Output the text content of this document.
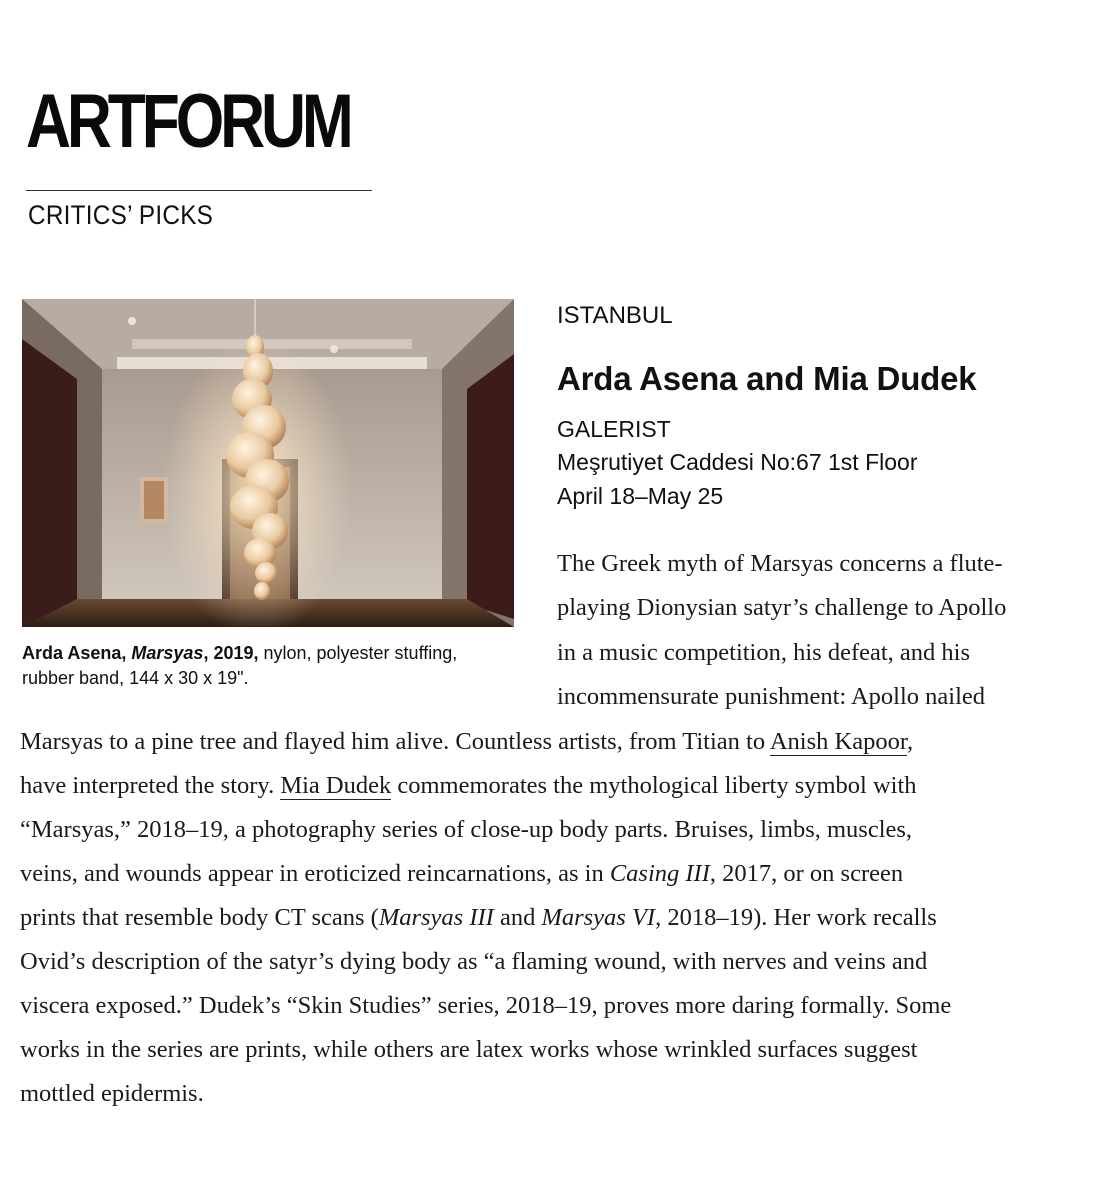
ARTFORUM
CRITICS’ PICKS
Arda Asena, Marsyas, 2019, nylon, polyester stuffing, rubber band, 144 x 30 x 19".
ISTANBUL
Arda Asena and Mia Dudek
GALERIST
Meşrutiyet Caddesi No:67 1st Floor
April 18–May 25
The Greek myth of Marsyas concerns a flute-
playing Dionysian satyr’s challenge to Apollo
in a music competition, his defeat, and his
incommensurate punishment: Apollo nailed
Marsyas to a pine tree and flayed him alive. Countless artists, from Titian to Anish Kapoor,
have interpreted the story. Mia Dudek commemorates the mythological liberty symbol with
“Marsyas,” 2018–19, a photography series of close-up body parts. Bruises, limbs, muscles,
veins, and wounds appear in eroticized reincarnations, as in Casing III, 2017, or on screen
prints that resemble body CT scans (Marsyas III and Marsyas VI, 2018–19). Her work recalls
Ovid’s description of the satyr’s dying body as “a flaming wound, with nerves and veins and
viscera exposed.” Dudek’s “Skin Studies” series, 2018–19, proves more daring formally. Some
works in the series are prints, while others are latex works whose wrinkled surfaces suggest
mottled epidermis.
